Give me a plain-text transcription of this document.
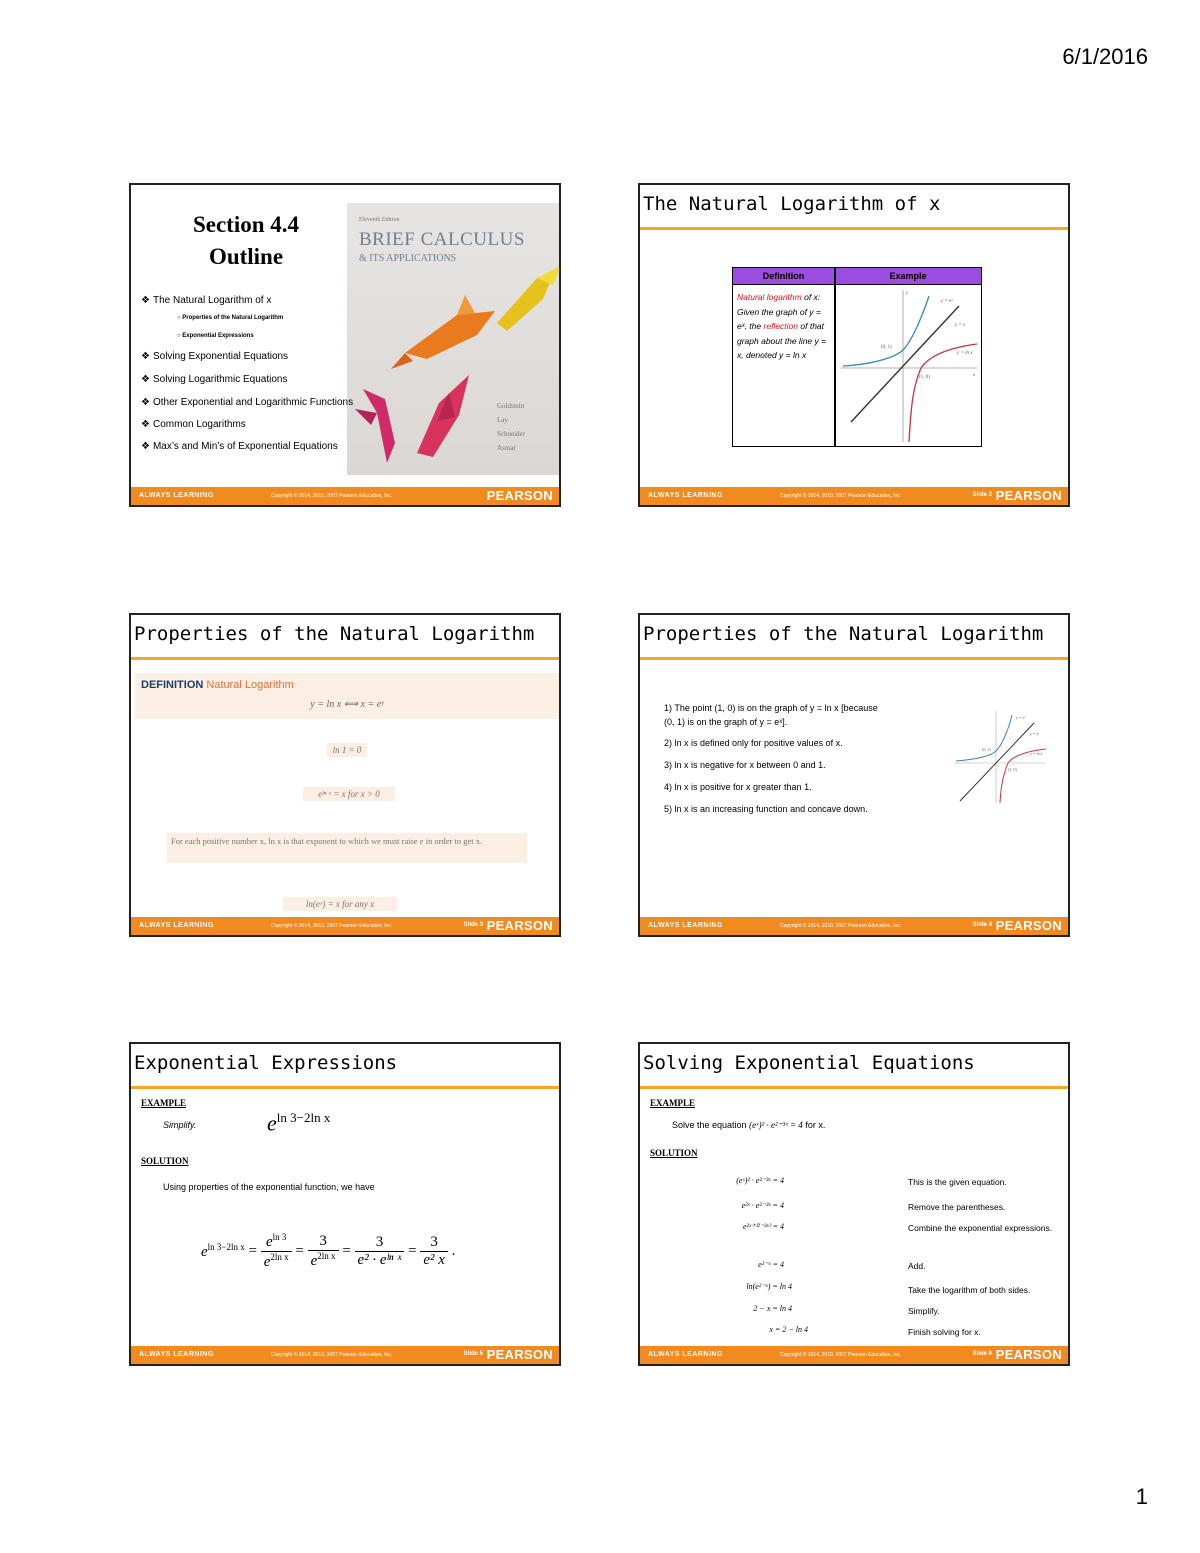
6/1/2016
Section 4.4
Outline
Eleventh Edition
BRIEF CALCULUS
& ITS APPLICATIONS
Goldstein
Lay
Schneider
Asmar
❖ The Natural Logarithm of x
○ Properties of the Natural Logarithm
○ Exponential Expressions
❖ Solving Exponential Equations
❖ Solving Logarithmic Equations
❖ Other Exponential and Logarithmic Functions
❖ Common Logarithms
❖ Max’s and Min’s of Exponential Equations
ALWAYS LEARNING	Copyright © 2014, 2010, 2007 Pearson Education, Inc.	PEARSON
The Natural Logarithm of x
Definition	Example
Natural logarithm of x: Given the graph of y = eˣ, the reflection of that graph about the line y = x, denoted y = ln x
y = eˣ
y = x
y = ln x
(0, 1)
(1, 0)	x
y
ALWAYS LEARNING	Copyright © 2014, 2010, 2007 Pearson Education, Inc.	Slide 2 PEARSON
Properties of the Natural Logarithm
DEFINITION Natural Logarithm
y = ln x ⟺ x = eʸ
ln 1 = 0
eˡⁿ ˣ = x for x > 0
For each positive number x, ln x is that exponent to which we must raise e in order to get x.
ln(eˣ) = x for any x
ALWAYS LEARNING	Copyright © 2014, 2010, 2007 Pearson Education, Inc.	Slide 3 PEARSON
Properties of the Natural Logarithm
1) The point (1, 0) is on the graph of y = ln x [because
(0, 1) is on the graph of y = eˣ].
2) ln x is defined only for positive values of x.
3) ln x is negative for x between 0 and 1.
4) ln x is positive for x greater than 1.
5) ln x is an increasing function and concave down.
y = eˣ
y = x
y = ln x
(0, 1)
(1, 0)
ALWAYS LEARNING	Copyright © 2014, 2010, 2007 Pearson Education, Inc.	Slide 4 PEARSON
Exponential Expressions
EXAMPLE
Simplify.	$e^{ln 3-2ln x}$
SOLUTION
Using properties of the exponential function, we have
$e^{ln 3-2ln x} = \frac{e^{ln 3}}{e^{2ln x}} = \frac{3}{e^{2ln x}} = \frac{3}{\text{e² · eˡⁿ ˣ}} = \frac{3}{\text{e² x}}$ .
ALWAYS LEARNING	Copyright © 2014, 2010, 2007 Pearson Education, Inc.	Slide 5 PEARSON
Solving Exponential Equations
EXAMPLE
Solve the equation (eˣ)² · e²⁻³ˣ = 4 for x.
SOLUTION
(eˣ)² · e²⁻³ˣ = 4	This is the given equation.
e²ˣ · e²⁻³ˣ = 4	Remove the parentheses.
e²ˣ⁺⁽²⁻³ˣ⁾ = 4	Combine the exponential expressions.
e²⁻ˣ = 4	Add.
ln(e²⁻ˣ) = ln 4	Take the logarithm of both sides.
2 − x = ln 4	Simplify.
x = 2 − ln 4	Finish solving for x.
ALWAYS LEARNING	Copyright © 2014, 2010, 2007 Pearson Education, Inc.	Slide 6 PEARSON
1
